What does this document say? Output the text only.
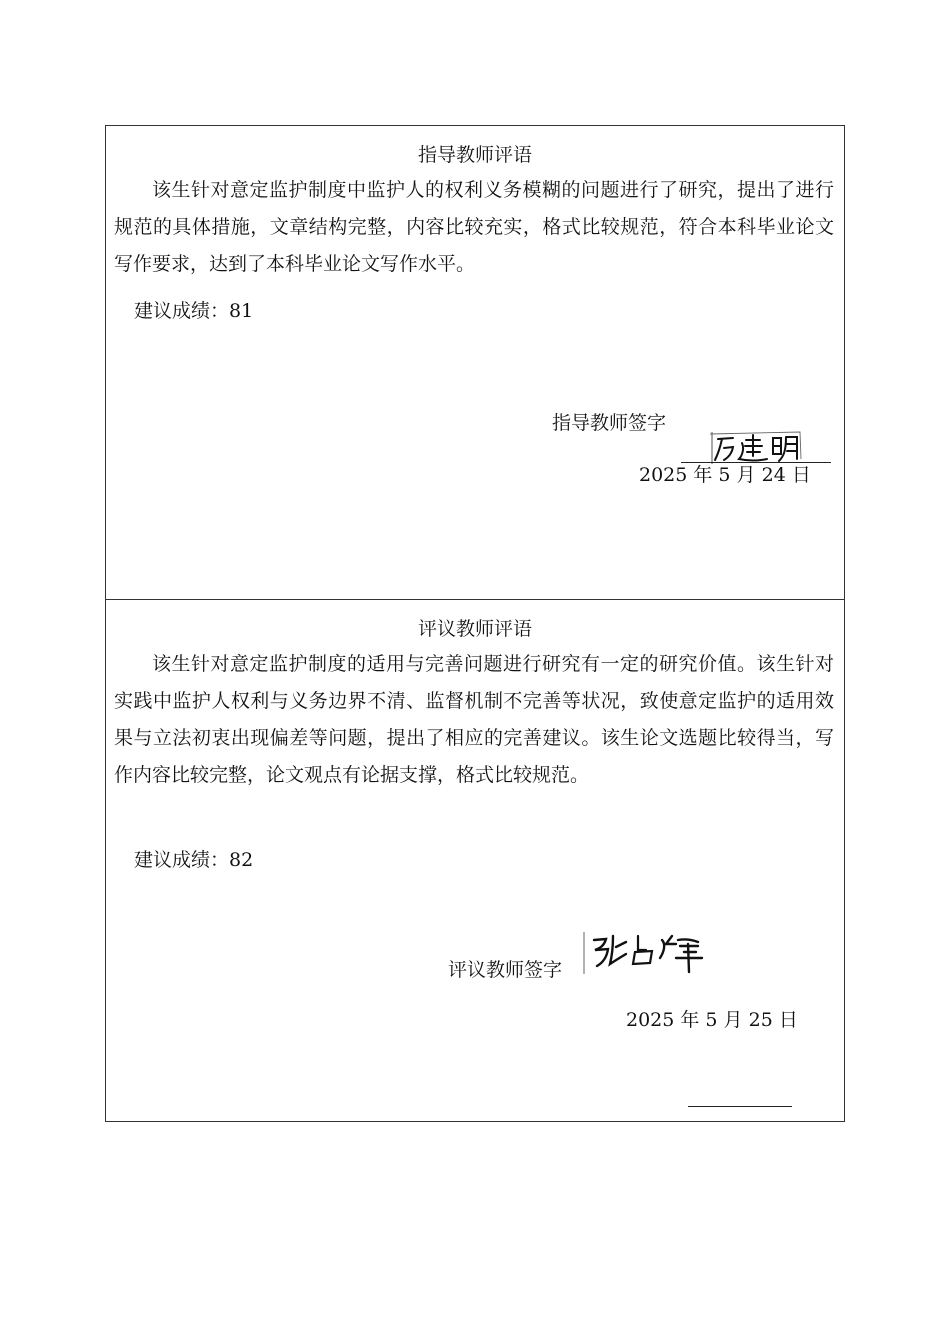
指导教师评语

该生针对意定监护制度中监护人的权利义务模糊的问题进行了研究，提出了进行规范的具体措施，文章结构完整，内容比较充实，格式比较规范，符合本科毕业论文写作要求，达到了本科毕业论文写作水平。

建议成绩：81
指导教师签字
2025 年 5 月 24 日
评议教师评语

该生针对意定监护制度的适用与完善问题进行研究有一定的研究价值。该生针对实践中监护人权利与义务边界不清、监督机制不完善等状况，致使意定监护的适用效果与立法初衷出现偏差等问题，提出了相应的完善建议。该生论文选题比较得当，写作内容比较完整，论文观点有论据支撑，格式比较规范。

建议成绩：82
评议教师签字
2025 年 5 月 25 日
